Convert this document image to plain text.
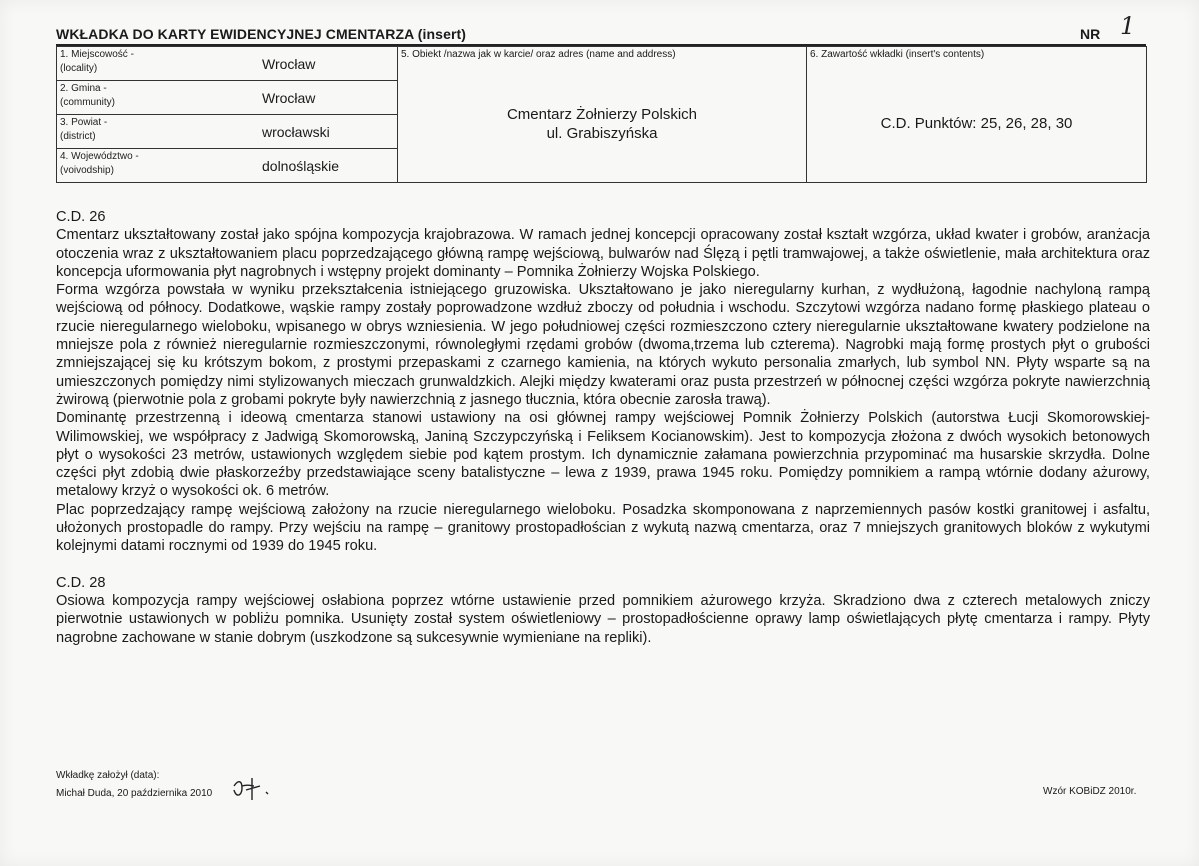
WKŁADKA DO KARTY EWIDENCYJNEJ CMENTARZA (insert)	NR 1
1. Miejscowość -
(locality)	Wrocław

5. Obiekt /nazwa jak w karcie/ oraz adres (name and address)
Cmentarz Żołnierzy Polskich
ul. Grabiszyńska

6. Zawartość wkładki (insert's contents)
C.D. Punktów: 25, 26, 28, 30

2. Gmina -
(community)	Wrocław

3. Powiat -
(district)	wrocławski

4. Województwo -
(voivodship)	dolnośląskie

C.D. 26

Cmentarz ukształtowany został jako spójna kompozycja krajobrazowa. W ramach jednej koncepcji opracowany został kształt wzgórza, układ kwater i grobów, aranżacja otoczenia wraz z ukształtowaniem placu poprzedzającego główną rampę wejściową, bulwarów nad Ślęzą i pętli tramwajowej, a także oświetlenie, mała architektura oraz koncepcja uformowania płyt nagrobnych i wstępny projekt dominanty – Pomnika Żołnierzy Wojska Polskiego.

Forma wzgórza powstała w wyniku przekształcenia istniejącego gruzowiska. Ukształtowano je jako nieregularny kurhan, z wydłużoną, łagodnie nachyloną rampą wejściową od północy. Dodatkowe, wąskie rampy zostały poprowadzone wzdłuż zboczy od południa i wschodu. Szczytowi wzgórza nadano formę płaskiego plateau o rzucie nieregularnego wieloboku, wpisanego w obrys wzniesienia. W jego południowej części rozmieszczono cztery nieregularnie ukształtowane kwatery podzielone na mniejsze pola z również nieregularnie rozmieszczonymi, równoległymi rzędami grobów (dwoma,trzema lub czterema). Nagrobki mają formę prostych płyt o grubości zmniejszającej się ku krótszym bokom, z prostymi przepaskami z czarnego kamienia, na których wykuto personalia zmarłych, lub symbol NN. Płyty wsparte są na umieszczonych pomiędzy nimi stylizowanych mieczach grunwaldzkich. Alejki między kwaterami oraz pusta przestrzeń w północnej części wzgórza pokryte nawierzchnią żwirową (pierwotnie pola z grobami pokryte były nawierzchnią z jasnego tłucznia, która obecnie zarosła trawą).

Dominantę przestrzenną i ideową cmentarza stanowi ustawiony na osi głównej rampy wejściowej Pomnik Żołnierzy Polskich (autorstwa Łucji Skomorowskiej-Wilimowskiej, we współpracy z Jadwigą Skomorowską, Janiną Szczypczyńską i Feliksem Kocianowskim). Jest to kompozycja złożona z dwóch wysokich betonowych płyt o wysokości 23 metrów, ustawionych względem siebie pod kątem prostym. Ich dynamicznie załamana powierzchnia przypominać ma husarskie skrzydła. Dolne części płyt zdobią dwie płaskorzeźby przedstawiające sceny batalistyczne – lewa z 1939, prawa 1945 roku. Pomiędzy pomnikiem a rampą wtórnie dodany ażurowy, metalowy krzyż o wysokości ok. 6 metrów.

Plac poprzedzający rampę wejściową założony na rzucie nieregularnego wieloboku. Posadzka skomponowana z naprzemiennych pasów kostki granitowej i asfaltu, ułożonych prostopadle do rampy. Przy wejściu na rampę – granitowy prostopadłościan z wykutą nazwą cmentarza, oraz 7 mniejszych granitowych bloków z wykutymi kolejnymi datami rocznymi od 1939 do 1945 roku.

C.D. 28

Osiowa kompozycja rampy wejściowej osłabiona poprzez wtórne ustawienie przed pomnikiem ażurowego krzyża. Skradziono dwa z czterech metalowych zniczy pierwotnie ustawionych w pobliżu pomnika. Usunięty został system oświetleniowy – prostopadłościenne oprawy lamp oświetlających płytę cmentarza i rampy. Płyty nagrobne zachowane w stanie dobrym (uszkodzone są sukcesywnie wymieniane na repliki).

Wkładkę założył (data):
Michał Duda, 20 października 2010	Wzór KOBiDZ 2010r.
